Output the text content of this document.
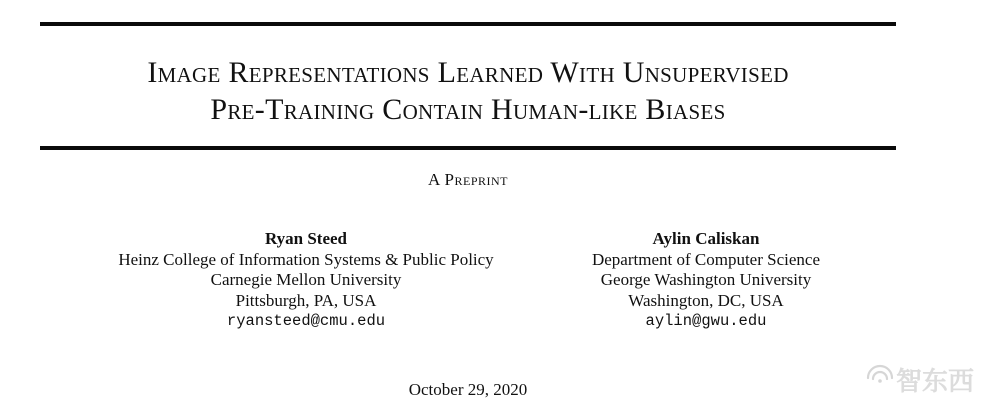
Image Representations Learned With Unsupervised
Pre-Training Contain Human-like Biases
A Preprint
Ryan Steed
Heinz College of Information Systems & Public Policy
Carnegie Mellon University
Pittsburgh, PA, USA
ryansteed@cmu.edu
Aylin Caliskan
Department of Computer Science
George Washington University
Washington, DC, USA
aylin@gwu.edu
October 29, 2020	智东西
